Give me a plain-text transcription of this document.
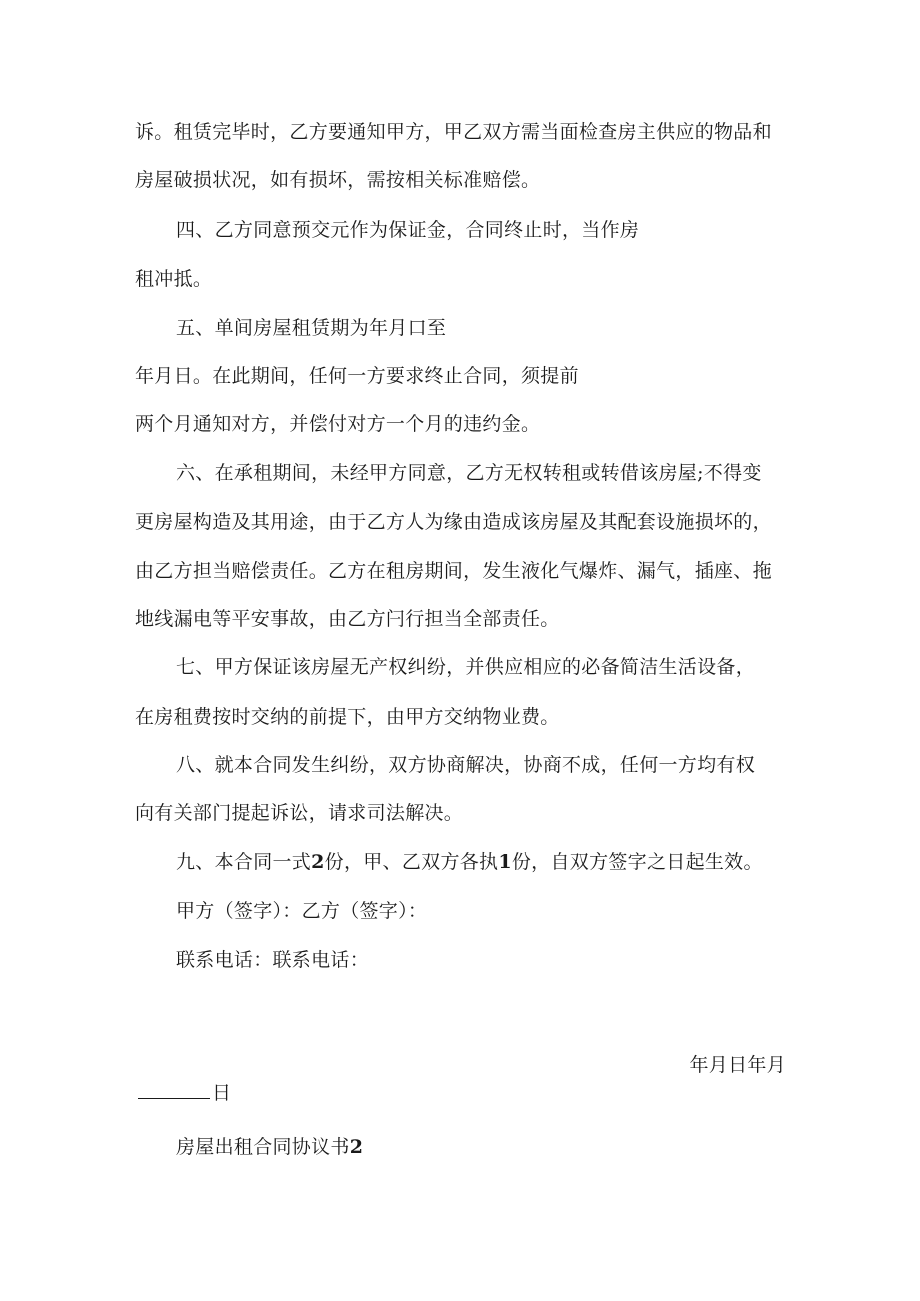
诉。租赁完毕时，乙方要通知甲方，甲乙双方需当面检查房主供应的物品和
房屋破损状况，如有损坏，需按相关标准赔偿。
四、乙方同意预交元作为保证金，合同终止时，当作房
租冲抵。
五、单间房屋租赁期为年月口至
年月日。在此期间，任何一方要求终止合同，须提前
两个月通知对方，并偿付对方一个月的违约金。
六、在承租期间，未经甲方同意，乙方无权转租或转借该房屋;不得变
更房屋构造及其用途，由于乙方人为缘由造成该房屋及其配套设施损坏的，
由乙方担当赔偿责任。乙方在租房期间，发生液化气爆炸、漏气，插座、拖
地线漏电等平安事故，由乙方闩行担当全部责任。
七、甲方保证该房屋无产权纠纷，并供应相应的必备简洁生活设备，
在房租费按时交纳的前提下，由甲方交纳物业费。
八、就本合同发生纠纷，双方协商解决，协商不成，任何一方均有权
向有关部门提起诉讼，请求司法解决。
九、本合同一式2份，甲、乙双方各执1份，自双方签字之日起生效。
甲方（签字）：乙方（签字）：
联系电话：联系电话：
年月日年月
日
房屋出租合同协议书2
